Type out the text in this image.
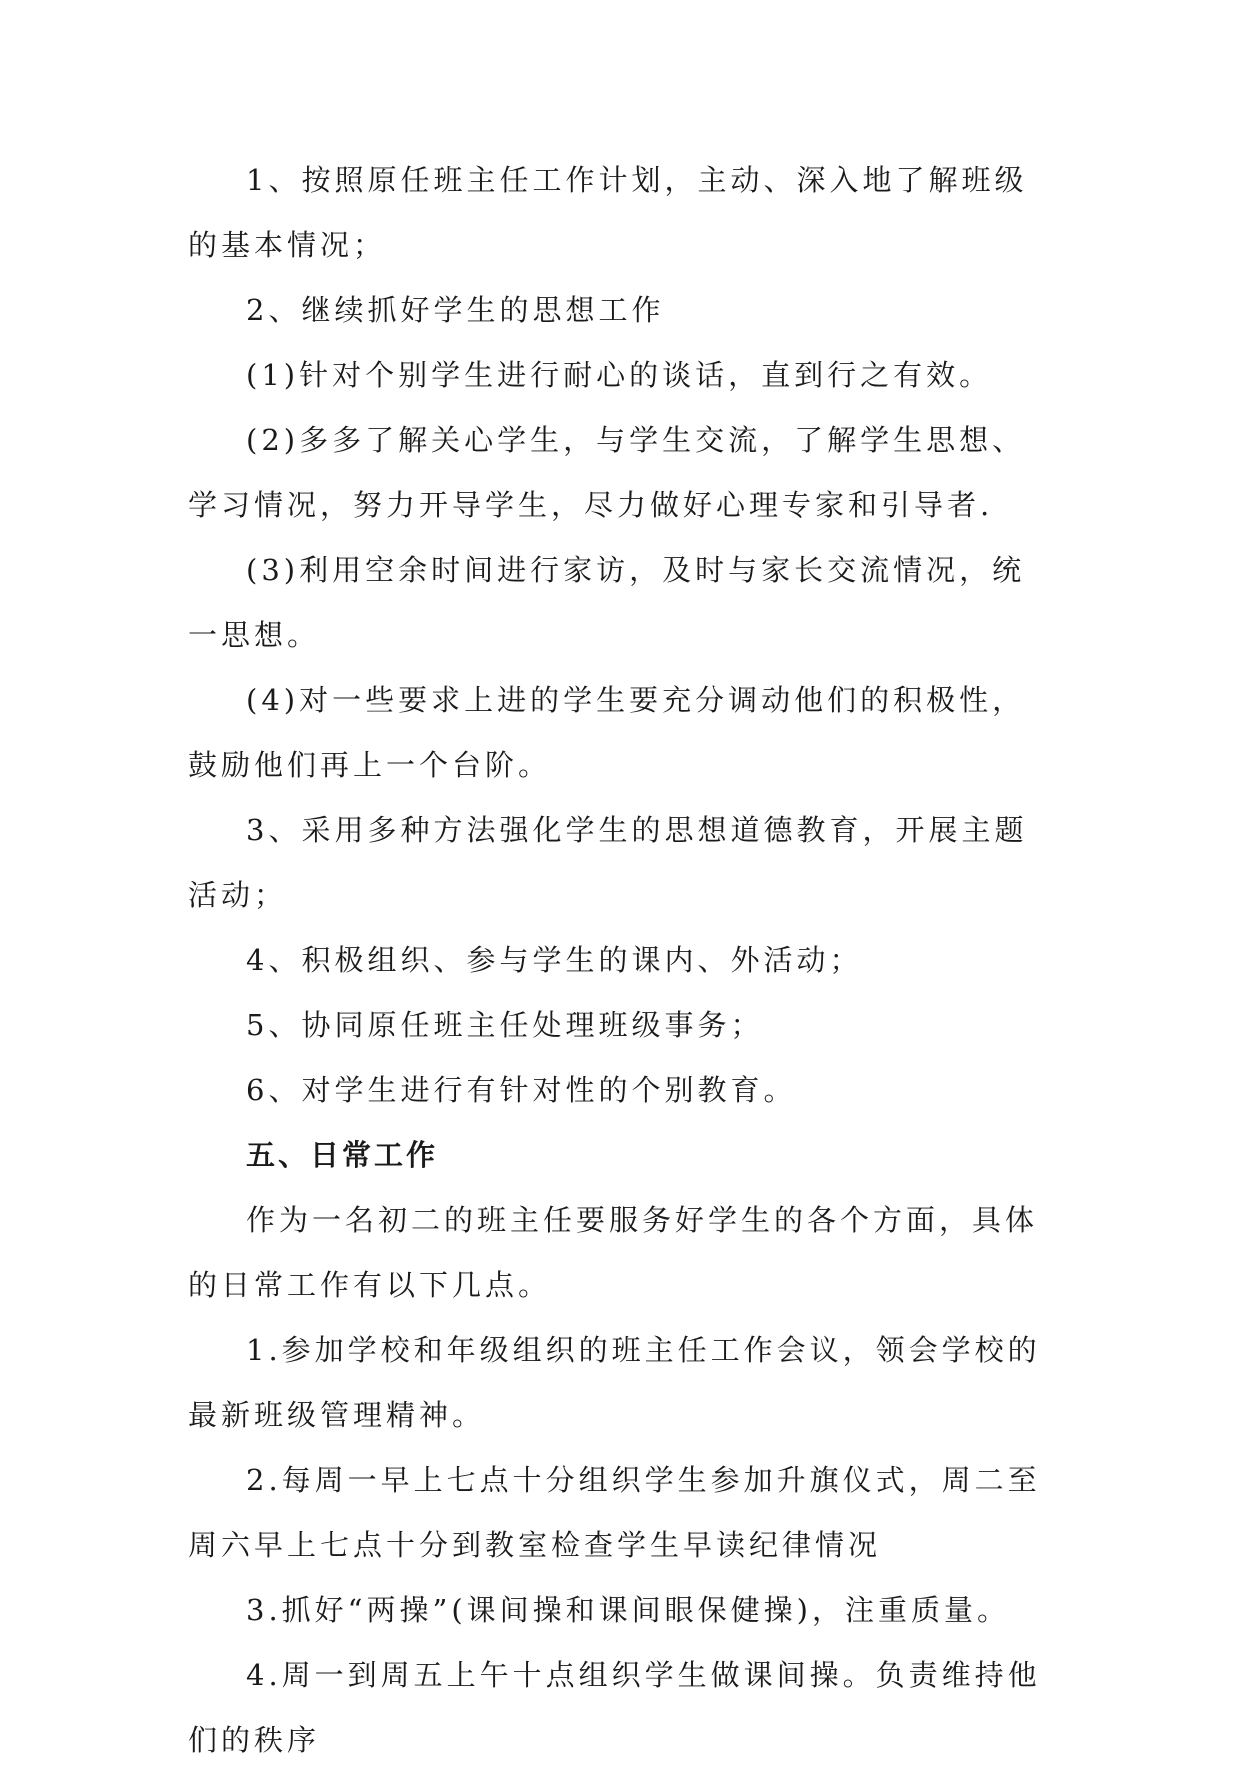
1、按照原任班主任工作计划，主动、深入地了解班级的基本情况；

2、继续抓好学生的思想工作

(1)针对个别学生进行耐心的谈话，直到行之有效。

(2)多多了解关心学生，与学生交流，了解学生思想、学习情况，努力开导学生，尽力做好心理专家和引导者.

(3)利用空余时间进行家访，及时与家长交流情况，统一思想。

(4)对一些要求上进的学生要充分调动他们的积极性，鼓励他们再上一个台阶。

3、采用多种方法强化学生的思想道德教育，开展主题活动；

4、积极组织、参与学生的课内、外活动；

5、协同原任班主任处理班级事务；

6、对学生进行有针对性的个别教育。

五、日常工作

作为一名初二的班主任要服务好学生的各个方面，具体的日常工作有以下几点。

1.参加学校和年级组织的班主任工作会议，领会学校的最新班级管理精神。

2.每周一早上七点十分组织学生参加升旗仪式，周二至周六早上七点十分到教室检查学生早读纪律情况

3.抓好“两操”(课间操和课间眼保健操)，注重质量。

4.周一到周五上午十点组织学生做课间操。负责维持他们的秩序
